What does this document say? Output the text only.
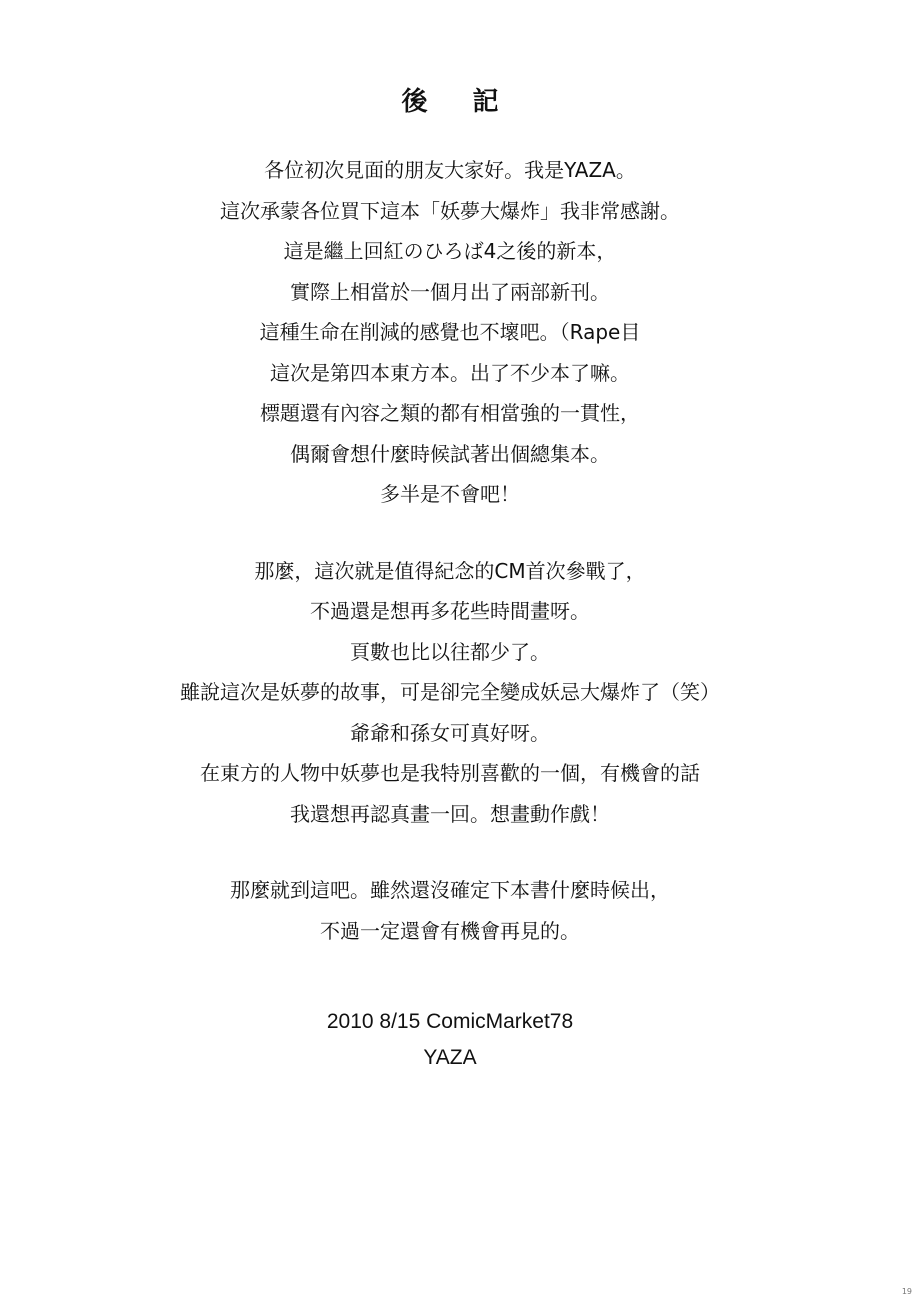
後 記
各位初次見面的朋友大家好。我是YAZA。
這次承蒙各位買下這本「妖夢大爆炸」我非常感謝。
這是繼上回紅のひろば4之後的新本，
實際上相當於一個月出了兩部新刊。
這種生命在削減的感覺也不壞吧。（Rape目
這次是第四本東方本。出了不少本了嘛。
標題還有內容之類的都有相當強的一貫性，
偶爾會想什麼時候試著出個總集本。
多半是不會吧！
那麼，這次就是值得紀念的CM首次參戰了，
不過還是想再多花些時間畫呀。
頁數也比以往都少了。
雖說這次是妖夢的故事，可是卻完全變成妖忌大爆炸了（笑）
爺爺和孫女可真好呀。
在東方的人物中妖夢也是我特別喜歡的一個，有機會的話
我還想再認真畫一回。想畫動作戲！
那麼就到這吧。雖然還沒確定下本書什麼時候出，
不過一定還會有機會再見的。
2010 8/15 ComicMarket78
YAZA
19
